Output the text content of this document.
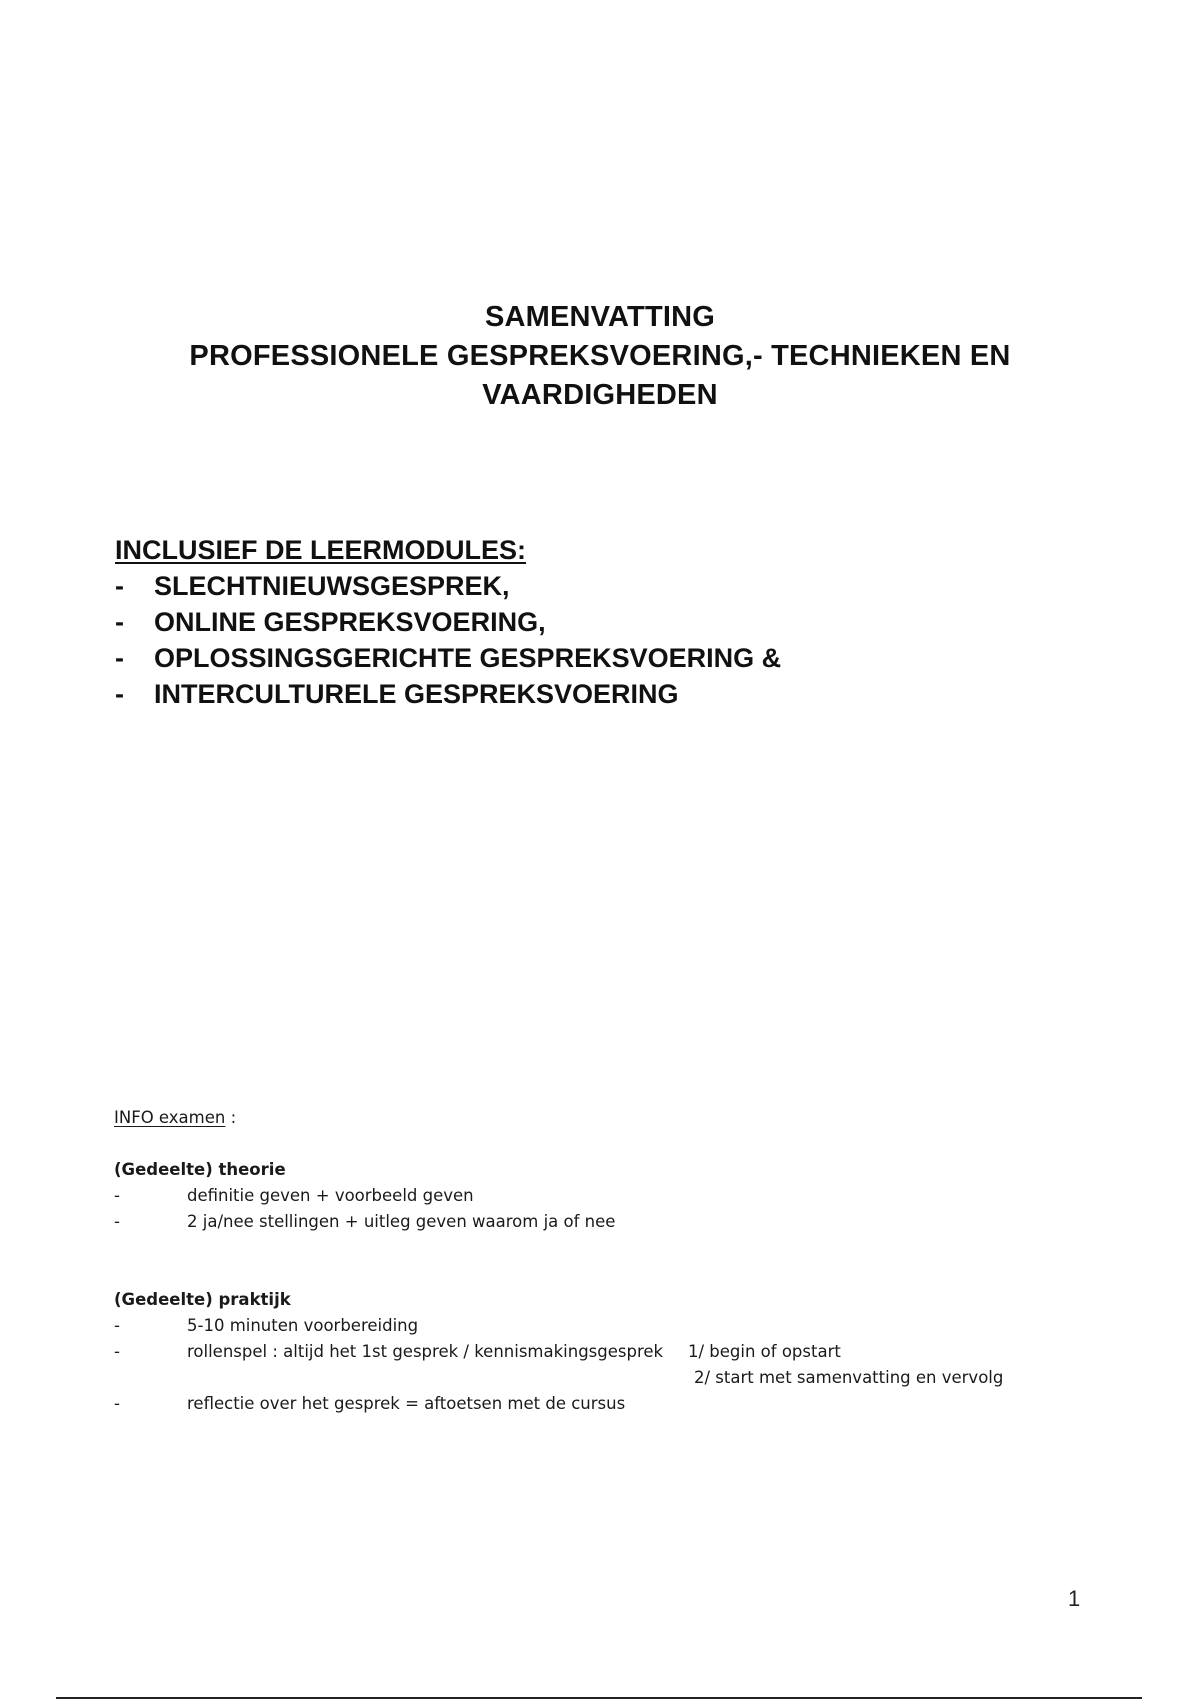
SAMENVATTING
PROFESSIONELE GESPREKSVOERING,- TECHNIEKEN EN
VAARDIGHEDEN
INCLUSIEF DE LEERMODULES:
-	SLECHTNIEUWSGESPREK,
-	ONLINE GESPREKSVOERING,
-	OPLOSSINGSGERICHTE GESPREKSVOERING &
-	INTERCULTURELE GESPREKSVOERING
INFO examen :
(Gedeelte) theorie
-	definitie geven + voorbeeld geven
-	2 ja/nee stellingen + uitleg geven waarom ja of nee
(Gedeelte) praktijk
-	5-10 minuten voorbereiding
-	rollenspel : altijd het 1st gesprek / kennismakingsgesprek 1/ begin of opstart
2/ start met samenvatting en vervolg
-	reflectie over het gesprek = aftoetsen met de cursus
1
